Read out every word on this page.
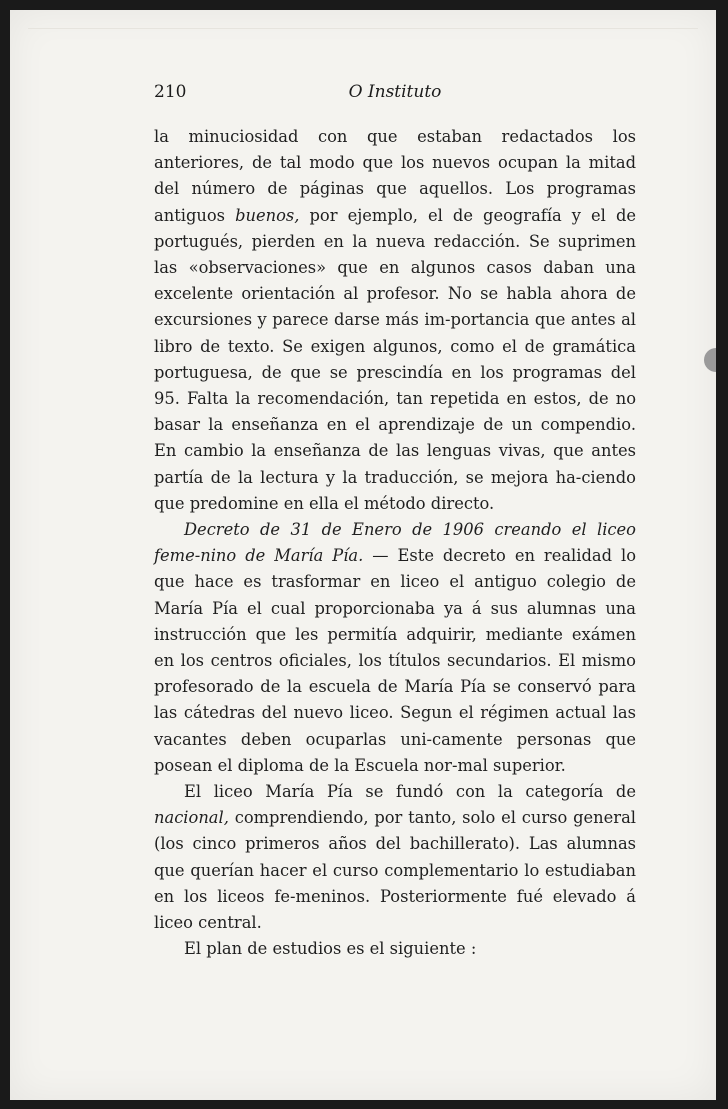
210	O Instituto

la minuciosidad con que estaban redactados los anteriores, de tal modo que los nuevos ocupan la mitad del número de páginas que aquellos. Los programas antiguos buenos, por ejemplo, el de geografía y el de portugués, pierden en la nueva redacción. Se suprimen las «observaciones» que en algunos casos daban una excelente orientación al profesor. No se habla ahora de excursiones y parece darse más im-portancia que antes al libro de texto. Se exigen algunos, como el de gramática portuguesa, de que se prescindía en los programas del 95. Falta la recomendación, tan repetida en estos, de no basar la enseñanza en el aprendizaje de un compendio. En cambio la enseñanza de las lenguas vivas, que antes partía de la lectura y la traducción, se mejora ha-ciendo que predomine en ella el método directo.

Decreto de 31 de Enero de 1906 creando el liceo feme-nino de María Pía. — Este decreto en realidad lo que hace es trasformar en liceo el antiguo colegio de María Pía el cual proporcionaba ya á sus alumnas una instrucción que les permitía adquirir, mediante exámen en los centros oficiales, los títulos secundarios. El mismo profesorado de la escuela de María Pía se conservó para las cátedras del nuevo liceo. Segun el régimen actual las vacantes deben ocuparlas uni-camente personas que posean el diploma de la Escuela nor-mal superior.

El liceo María Pía se fundó con la categoría de nacional, comprendiendo, por tanto, solo el curso general (los cinco primeros años del bachillerato). Las alumnas que querían hacer el curso complementario lo estudiaban en los liceos fe-meninos. Posteriormente fué elevado á liceo central.

El plan de estudios es el siguiente :
